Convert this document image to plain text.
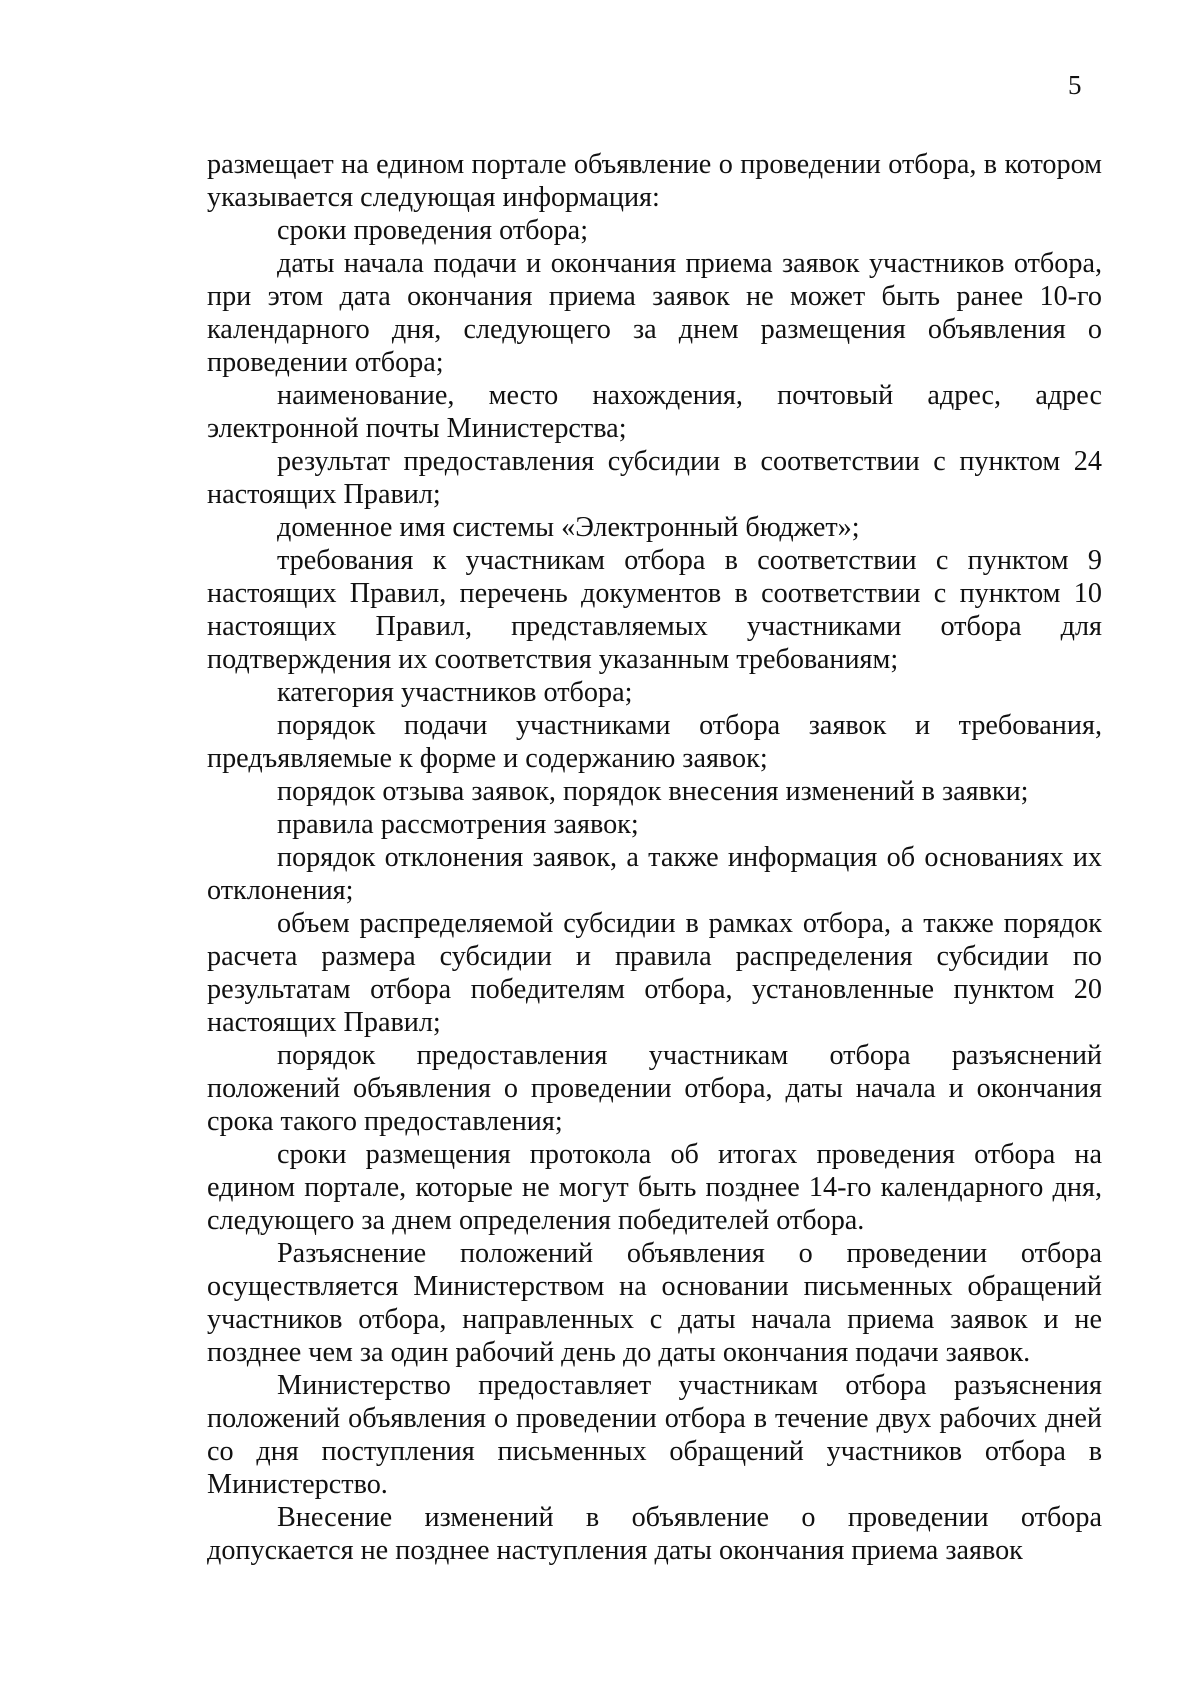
5

размещает на едином портале объявление о проведении отбора, в котором указывается следующая информация:

сроки проведения отбора;

даты начала подачи и окончания приема заявок участников отбора, при этом дата окончания приема заявок не может быть ранее 10-го календарного дня, следующего за днем размещения объявления о проведении отбора;

наименование, место нахождения, почтовый адрес, адрес электронной почты Министерства;

результат предоставления субсидии в соответствии с пунктом 24 настоящих Правил;

доменное имя системы «Электронный бюджет»;

требования к участникам отбора в соответствии с пунктом 9 настоящих Правил, перечень документов в соответствии с пунктом 10 настоящих Правил, представляемых участниками отбора для подтверждения их соответствия указанным требованиям;

категория участников отбора;

порядок подачи участниками отбора заявок и требования, предъявляемые к форме и содержанию заявок;

порядок отзыва заявок, порядок внесения изменений в заявки;

правила рассмотрения заявок;

порядок отклонения заявок, а также информация об основаниях их отклонения;

объем распределяемой субсидии в рамках отбора, а также порядок расчета размера субсидии и правила распределения субсидии по результатам отбора победителям отбора, установленные пунктом 20 настоящих Правил;

порядок предоставления участникам отбора разъяснений положений объявления о проведении отбора, даты начала и окончания срока такого предоставления;

сроки размещения протокола об итогах проведения отбора на едином портале, которые не могут быть позднее 14-го календарного дня, следующего за днем определения победителей отбора.

Разъяснение положений объявления о проведении отбора осуществляется Министерством на основании письменных обращений участников отбора, направленных с даты начала приема заявок и не позднее чем за один рабочий день до даты окончания подачи заявок.

Министерство предоставляет участникам отбора разъяснения положений объявления о проведении отбора в течение двух рабочих дней со дня поступления письменных обращений участников отбора в Министерство.

Внесение изменений в объявление о проведении отбора допускается не позднее наступления даты окончания приема заявок
